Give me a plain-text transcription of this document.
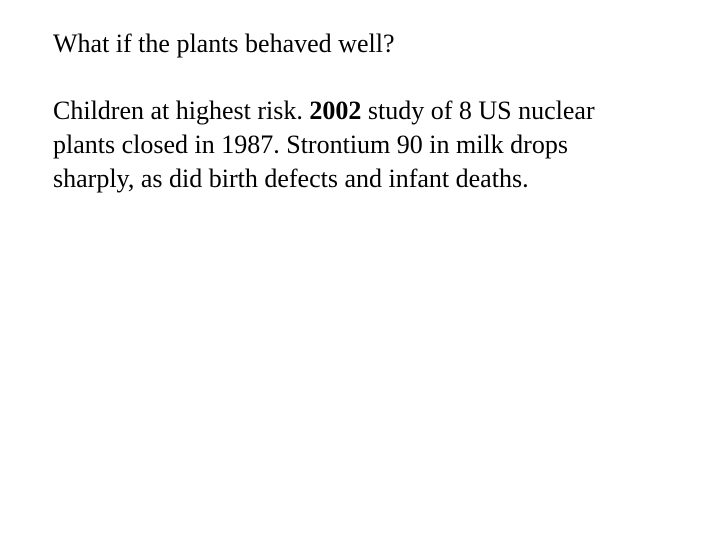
What if the plants behaved well?

Children at highest risk. 2002 study of 8 US nuclear
plants closed in 1987. Strontium 90 in milk drops
sharply, as did birth defects and infant deaths.
